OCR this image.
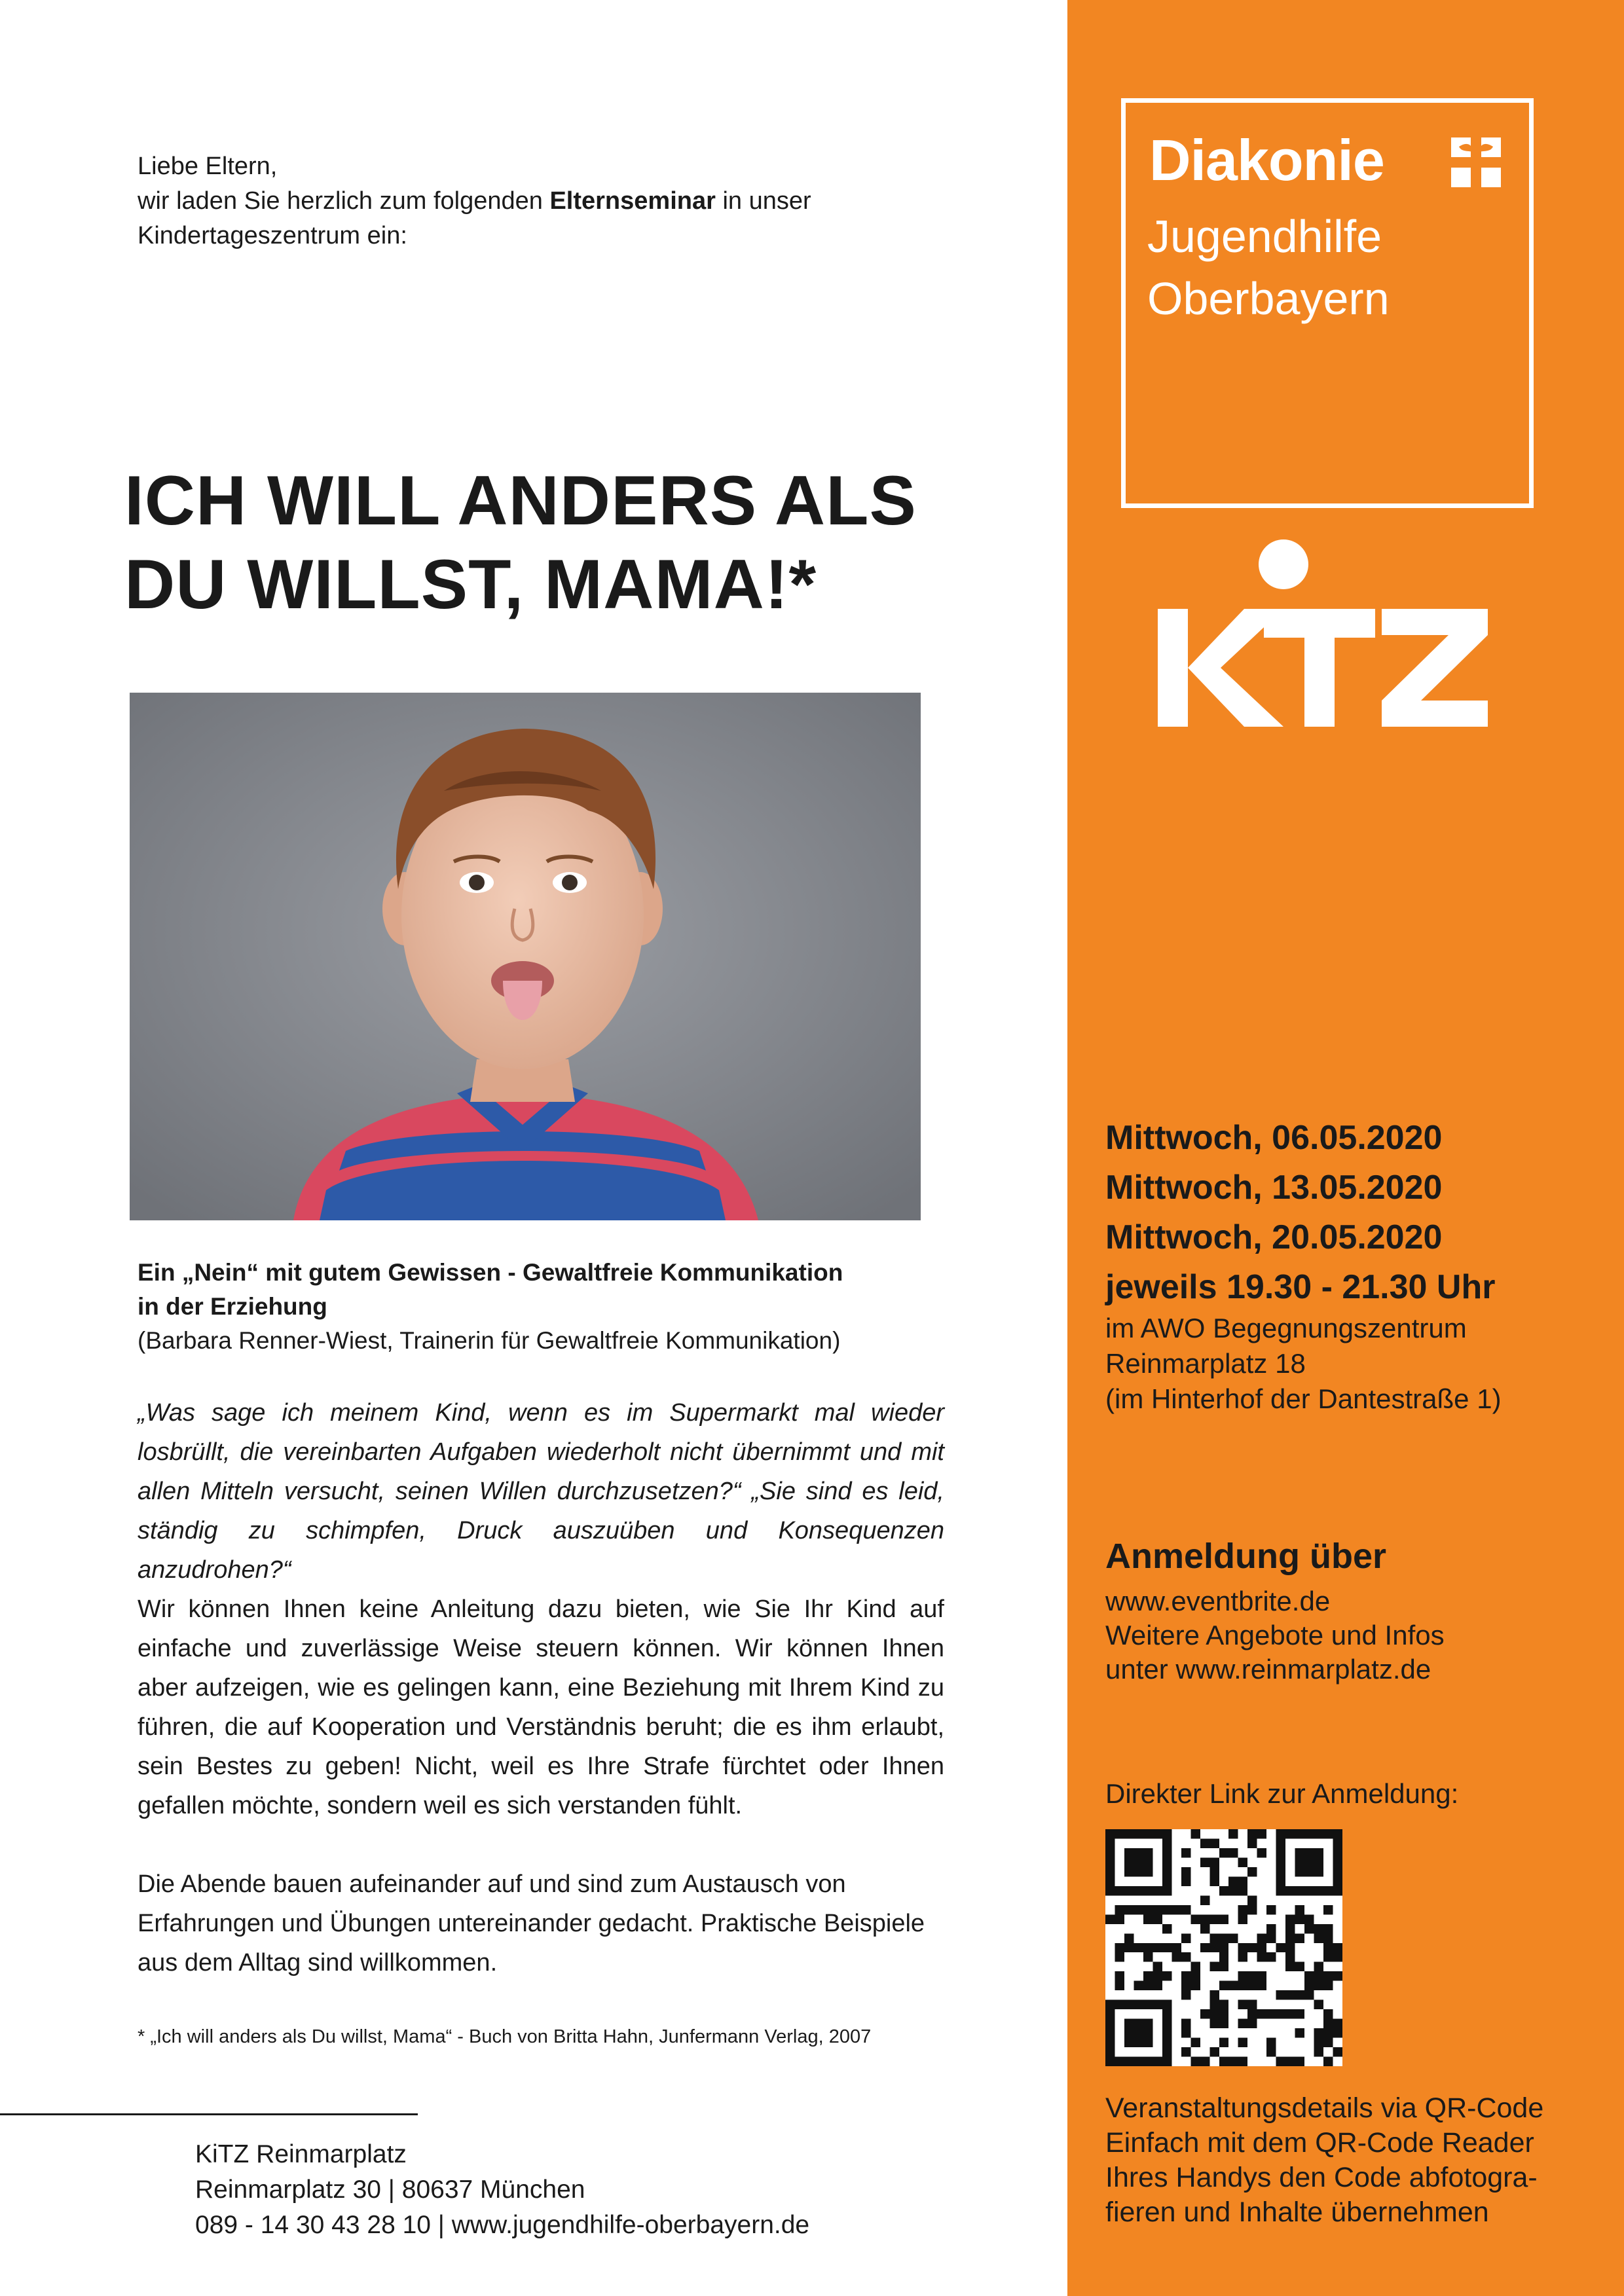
Liebe Eltern,
wir laden Sie herzlich zum folgenden Elternseminar in unser
Kindertageszentrum ein:
ICH WILL ANDERS ALS
DU WILLST, MAMA!*
Ein „Nein“ mit gutem Gewissen - Gewaltfreie Kommunikation
in der Erziehung
(Barbara Renner-Wiest, Trainerin für Gewaltfreie Kommunikation)
„Was sage ich meinem Kind, wenn es im Supermarkt mal wieder losbrüllt, die vereinbarten Aufgaben wiederholt nicht übernimmt und mit allen Mitteln versucht, seinen Willen durchzusetzen?“ „Sie sind es leid, ständig zu schimpfen, Druck auszuüben und Konsequenzen anzudrohen?“
Wir können Ihnen keine Anleitung dazu bieten, wie Sie Ihr Kind auf einfache und zuverlässige Weise steuern können. Wir können Ihnen aber aufzeigen, wie es gelingen kann, eine Beziehung mit Ihrem Kind zu führen, die auf Kooperation und Verständnis beruht; die es ihm erlaubt, sein Bestes zu geben! Nicht, weil es Ihre Strafe fürchtet oder Ihnen gefallen möchte, sondern weil es sich verstanden fühlt.
Die Abende bauen aufeinander auf und sind zum Austausch von Erfahrungen und Übungen untereinander gedacht. Praktische Beispiele aus dem Alltag sind willkommen.
* „Ich will anders als Du willst, Mama“ - Buch von Britta Hahn, Junfermann Verlag, 2007
KiTZ Reinmarplatz
Reinmarplatz 30 | 80637 München
089 - 14 30 43 28 10 | www.jugendhilfe-oberbayern.de
Diakonie
Jugendhilfe
Oberbayern
Mittwoch, 06.05.2020
Mittwoch, 13.05.2020
Mittwoch, 20.05.2020
jeweils 19.30 - 21.30 Uhr
im AWO Begegnungszentrum
Reinmarplatz 18
(im Hinterhof der Dantestraße 1)
Anmeldung über
www.eventbrite.de
Weitere Angebote und Infos
unter www.reinmarplatz.de
Direkter Link zur Anmeldung:
Veranstaltungsdetails via QR-Code
Einfach mit dem QR-Code Reader
Ihres Handys den Code abfotogra-
fieren und Inhalte übernehmen
